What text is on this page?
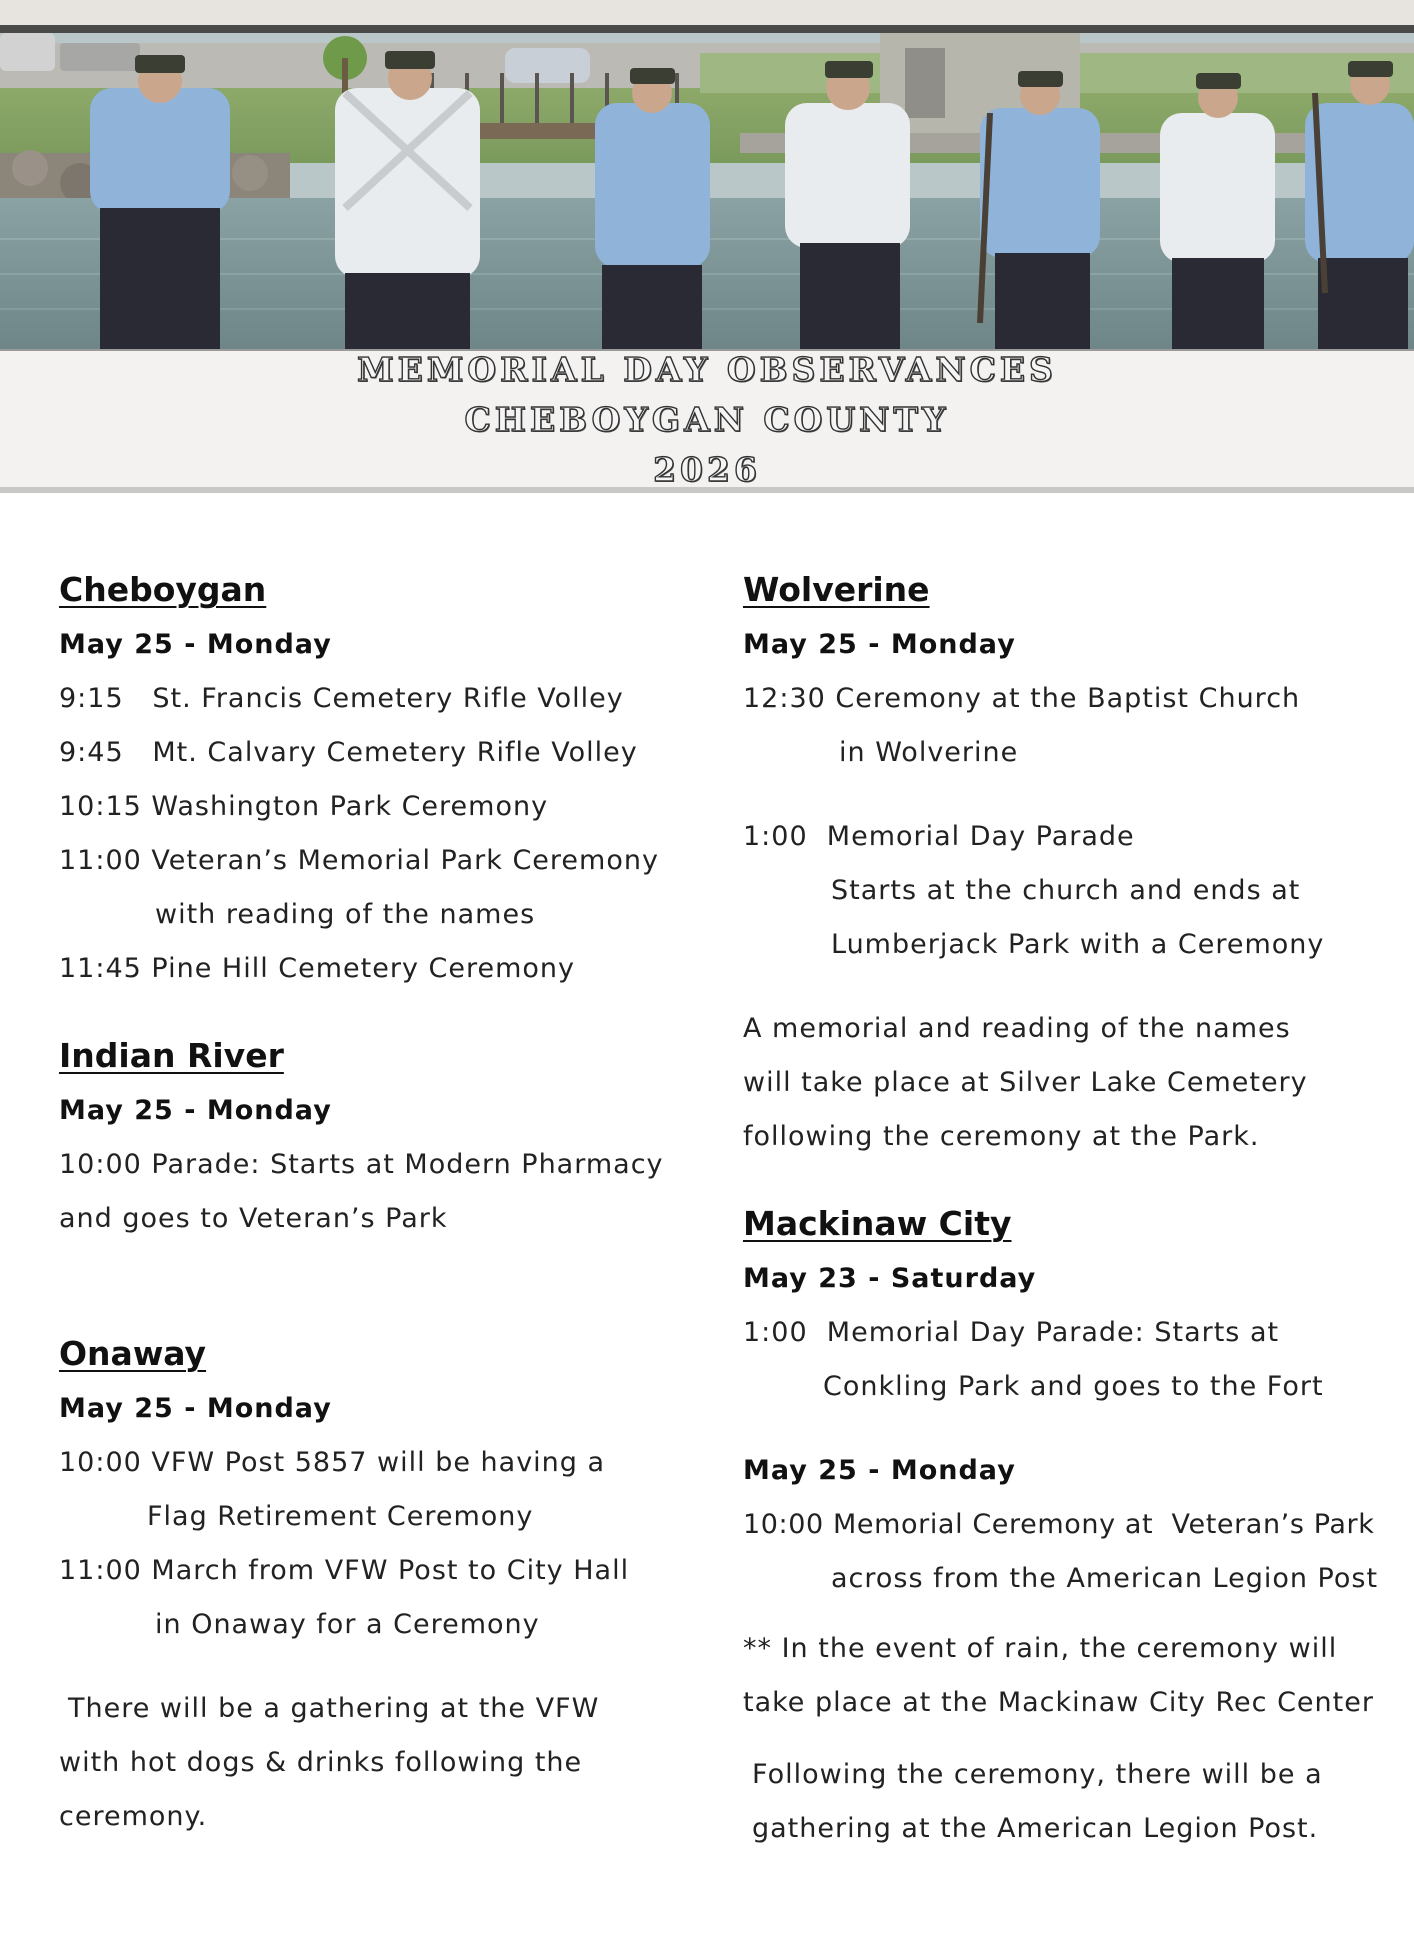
MEMORIAL DAY OBSERVANCES
CHEBOYGAN COUNTY
2026
Cheboygan
May 25 - Monday
9:15   St. Francis Cemetery Rifle Volley
9:45   Mt. Calvary Cemetery Rifle Volley
10:15 Washington Park Ceremony
11:00 Veteran’s Memorial Park Ceremony
with reading of the names
11:45 Pine Hill Cemetery Ceremony
Indian River
May 25 - Monday
10:00 Parade: Starts at Modern Pharmacy
and goes to Veteran’s Park
Onaway
May 25 - Monday
10:00 VFW Post 5857 will be having a
Flag Retirement Ceremony
11:00 March from VFW Post to City Hall
in Onaway for a Ceremony
There will be a gathering at the VFW
with hot dogs & drinks following the
ceremony.
Wolverine
May 25 - Monday
12:30 Ceremony at the Baptist Church
in Wolverine
1:00  Memorial Day Parade
Starts at the church and ends at
Lumberjack Park with a Ceremony
A memorial and reading of the names
will take place at Silver Lake Cemetery
following the ceremony at the Park.
Mackinaw City
May 23 - Saturday
1:00  Memorial Day Parade: Starts at
Conkling Park and goes to the Fort
May 25 - Monday
10:00 Memorial Ceremony at  Veteran’s Park
across from the American Legion Post
** In the event of rain, the ceremony will
take place at the Mackinaw City Rec Center
Following the ceremony, there will be a
gathering at the American Legion Post.
